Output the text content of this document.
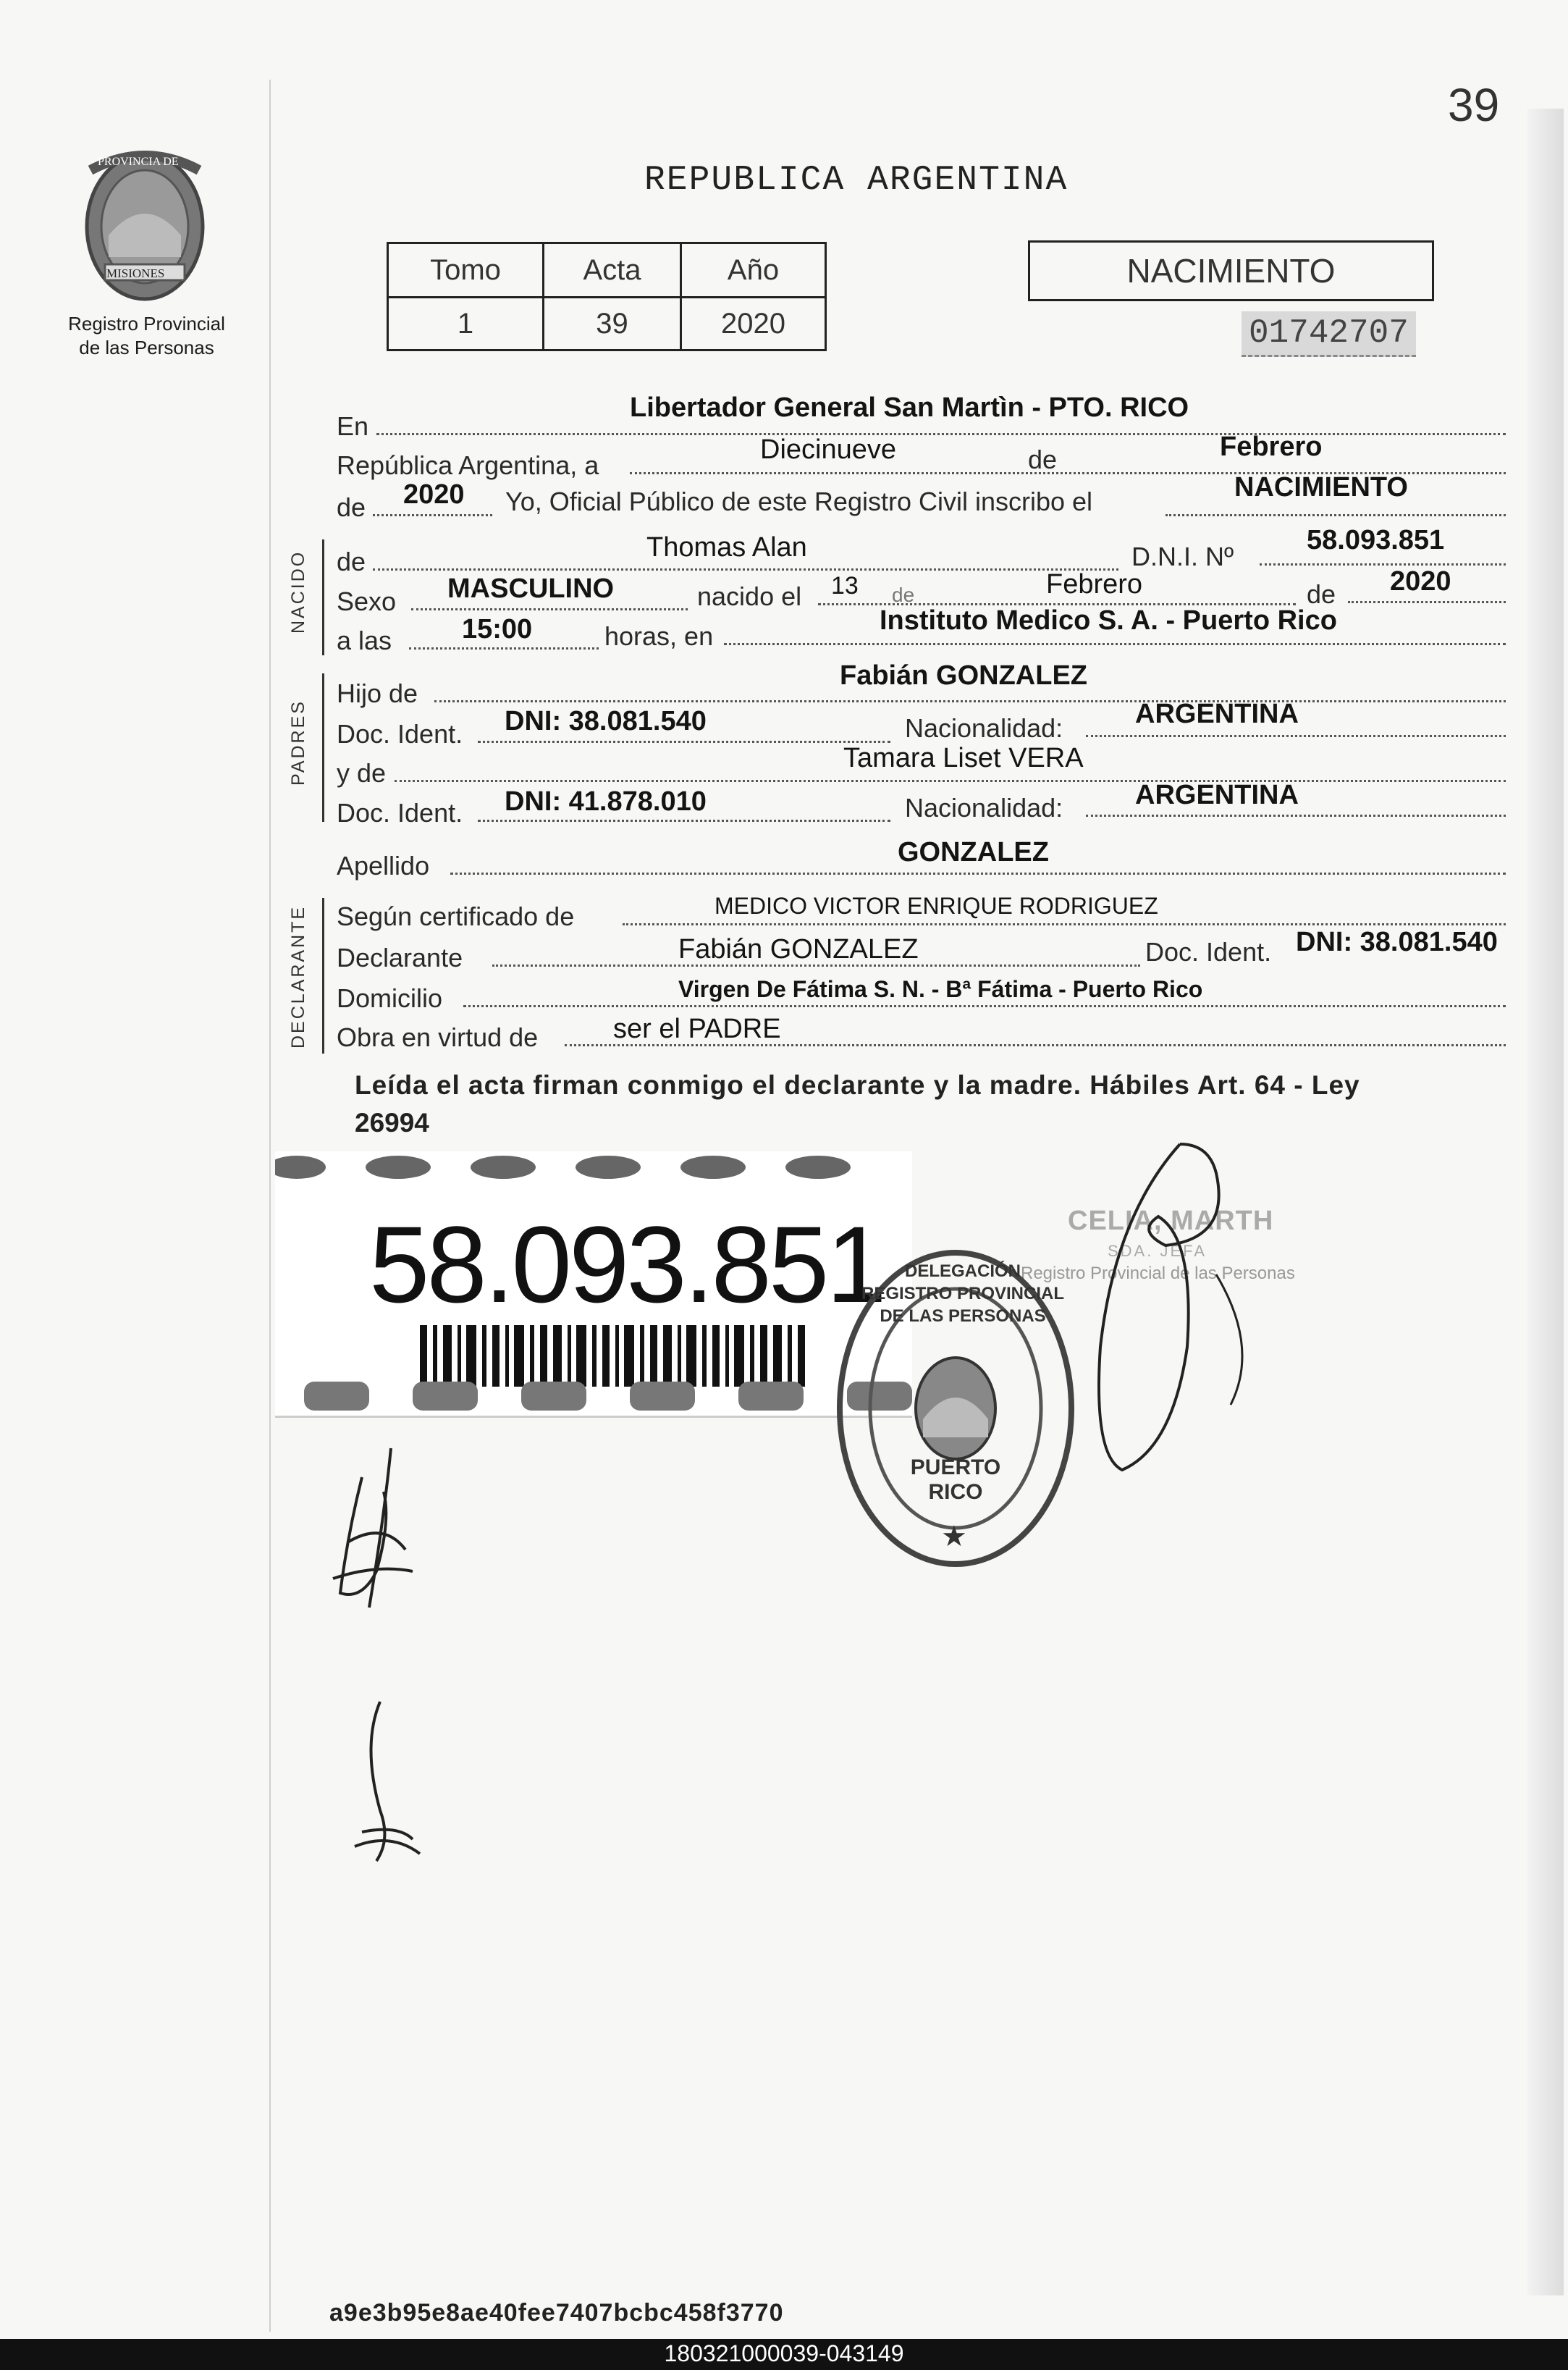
39
PROVINCIA DE
MISIONES
Registro Provincial
de las Personas
REPUBLICA ARGENTINA
Tomo	Acta	Año
1	39	2020
NACIMIENTO
01742707
En
Libertador General San Martìn - PTO. RICO
República Argentina, a
Diecinueve	de	Febrero
de 2020 Yo, Oficial Público de este Registro Civil inscribo el	NACIMIENTO
NACIDO de	Thomas Alan	D.N.I. Nº
58.093.851
Sexo MASCULINO	nacido el 13 de	Febrero	de 2020
a las	15:00	horas, en
Instituto Medico S. A. - Puerto Rico
PADRES
Hijo de
Fabián GONZALEZ
Doc. Ident. DNI: 38.081.540	Nacionalidad:	ARGENTINA
y de	Tamara Liset VERA
Doc. Ident. DNI: 41.878.010	Nacionalidad:	ARGENTINA
Apellido	GONZALEZ
DECLARANTE Según certificado de	MEDICO VICTOR ENRIQUE RODRIGUEZ
Declarante	Fabián GONZALEZ	Doc. Ident. DNI: 38.081.540
Domicilio	Virgen De Fátima S. N. - Bª Fátima - Puerto Rico
Obra en virtud de	ser el PADRE
Leída el acta firman conmigo el declarante y la madre. Hábiles Art. 64 - Ley
26994
58.093.851	CELIA, MARTH
SDA. JEFA
Registro Provincial de las Personas
★
DELEGACIÓN REGISTRO PROVINCIAL DE LAS PERSONAS
PUERTO RICO
a9e3b95e8ae40fee7407bcbc458f3770
180321000039-043149
